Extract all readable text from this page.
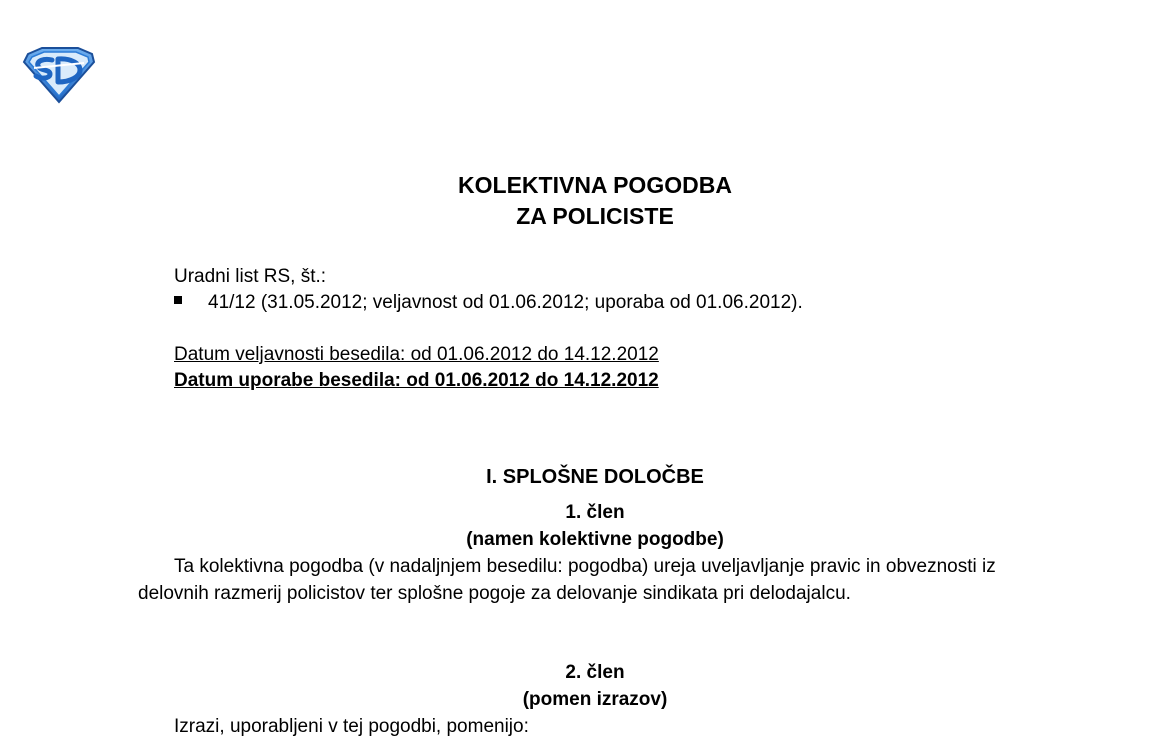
KOLEKTIVNA POGODBA
ZA POLICISTE
Uradni list RS, št.:
41/12 (31.05.2012; veljavnost od 01.06.2012; uporaba od 01.06.2012).
Datum veljavnosti besedila: od 01.06.2012 do 14.12.2012
Datum uporabe besedila: od 01.06.2012 do 14.12.2012
I. SPLOŠNE DOLOČBE
1. člen
(namen kolektivne pogodbe)

Ta kolektivna pogodba (v nadaljnjem besedilu: pogodba) ureja uveljavljanje pravic in obveznosti iz delovnih razmerij policistov ter splošne pogoje za delovanje sindikata pri delodajalcu.

2. člen
(pomen izrazov)

Izrazi, uporabljeni v tej pogodbi, pomenijo:
